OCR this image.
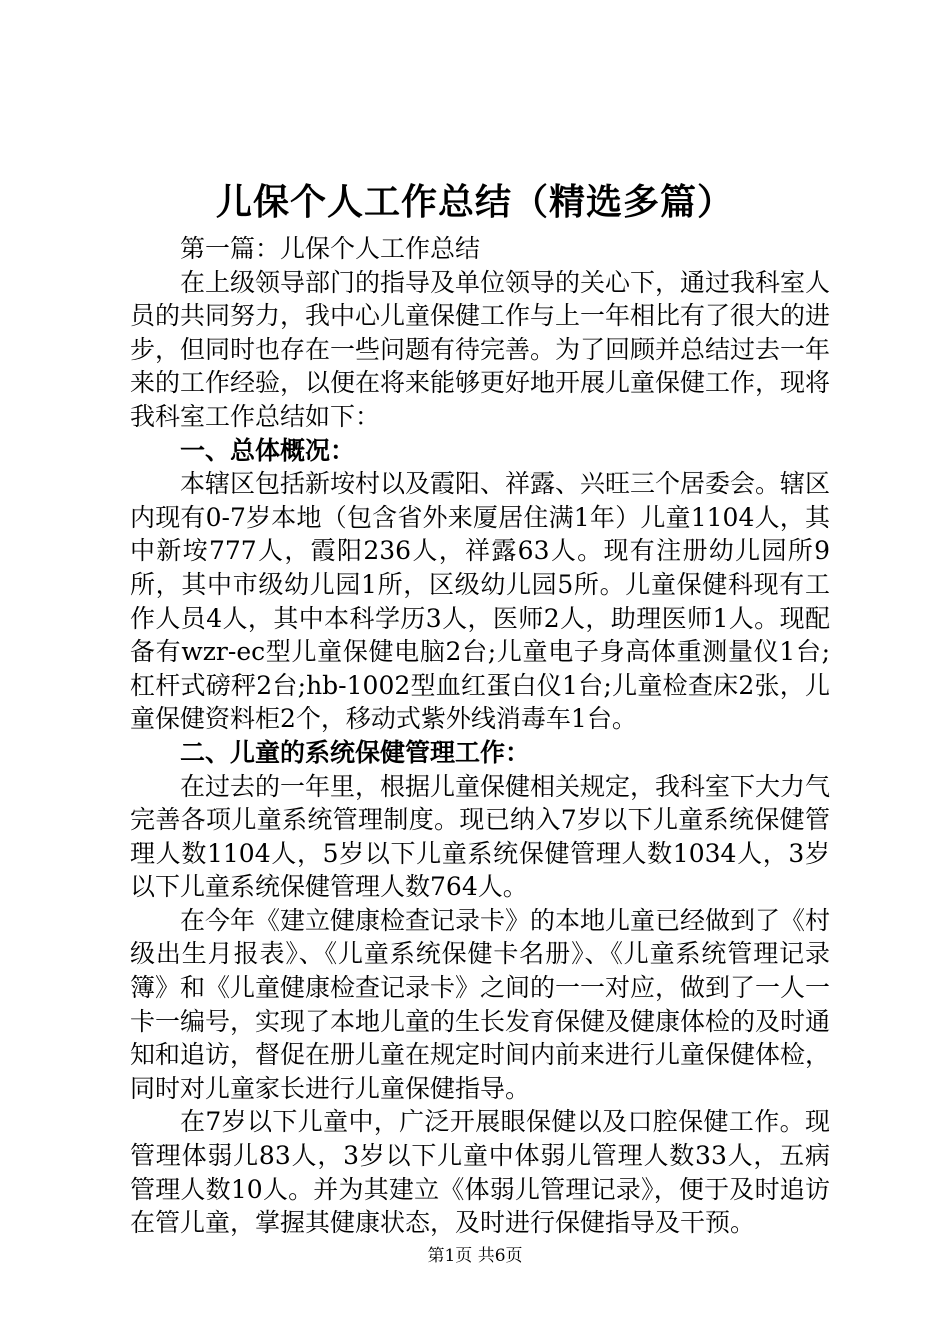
儿保个人工作总结（精选多篇）

第一篇：儿保个人工作总结

在上级领导部门的指导及单位领导的关心下，通过我科室人员的共同努力，我中心儿童保健工作与上一年相比有了很大的进步，但同时也存在一些问题有待完善。为了回顾并总结过去一年来的工作经验，以便在将来能够更好地开展儿童保健工作，现将我科室工作总结如下：

一、总体概况：

本辖区包括新垵村以及霞阳、祥露、兴旺三个居委会。辖区内现有0-7岁本地（包含省外来厦居住满1年）儿童1104人，其中新垵777人，霞阳236人，祥露63人。现有注册幼儿园所9所，其中市级幼儿园1所，区级幼儿园5所。儿童保健科现有工作人员4人，其中本科学历3人，医师2人，助理医师1人。现配备有wzr-ec型儿童保健电脑2台;儿童电子身高体重测量仪1台;杠杆式磅秤2台;hb-1002型血红蛋白仪1台;儿童检查床2张，儿童保健资料柜2个，移动式紫外线消毒车1台。

二、儿童的系统保健管理工作：

在过去的一年里，根据儿童保健相关规定，我科室下大力气完善各项儿童系统管理制度。现已纳入7岁以下儿童系统保健管理人数1104人，5岁以下儿童系统保健管理人数1034人，3岁以下儿童系统保健管理人数764人。

在今年《建立健康检查记录卡》的本地儿童已经做到了《村级出生月报表》、《儿童系统保健卡名册》、《儿童系统管理记录簿》和《儿童健康检查记录卡》之间的一一对应，做到了一人一卡一编号，实现了本地儿童的生长发育保健及健康体检的及时通知和追访，督促在册儿童在规定时间内前来进行儿童保健体检，同时对儿童家长进行儿童保健指导。

在7岁以下儿童中，广泛开展眼保健以及口腔保健工作。现管理体弱儿83人，3岁以下儿童中体弱儿管理人数33人，五病管理人数10人。并为其建立《体弱儿管理记录》，便于及时追访在管儿童，掌握其健康状态，及时进行保健指导及干预。

第1页 共6页
